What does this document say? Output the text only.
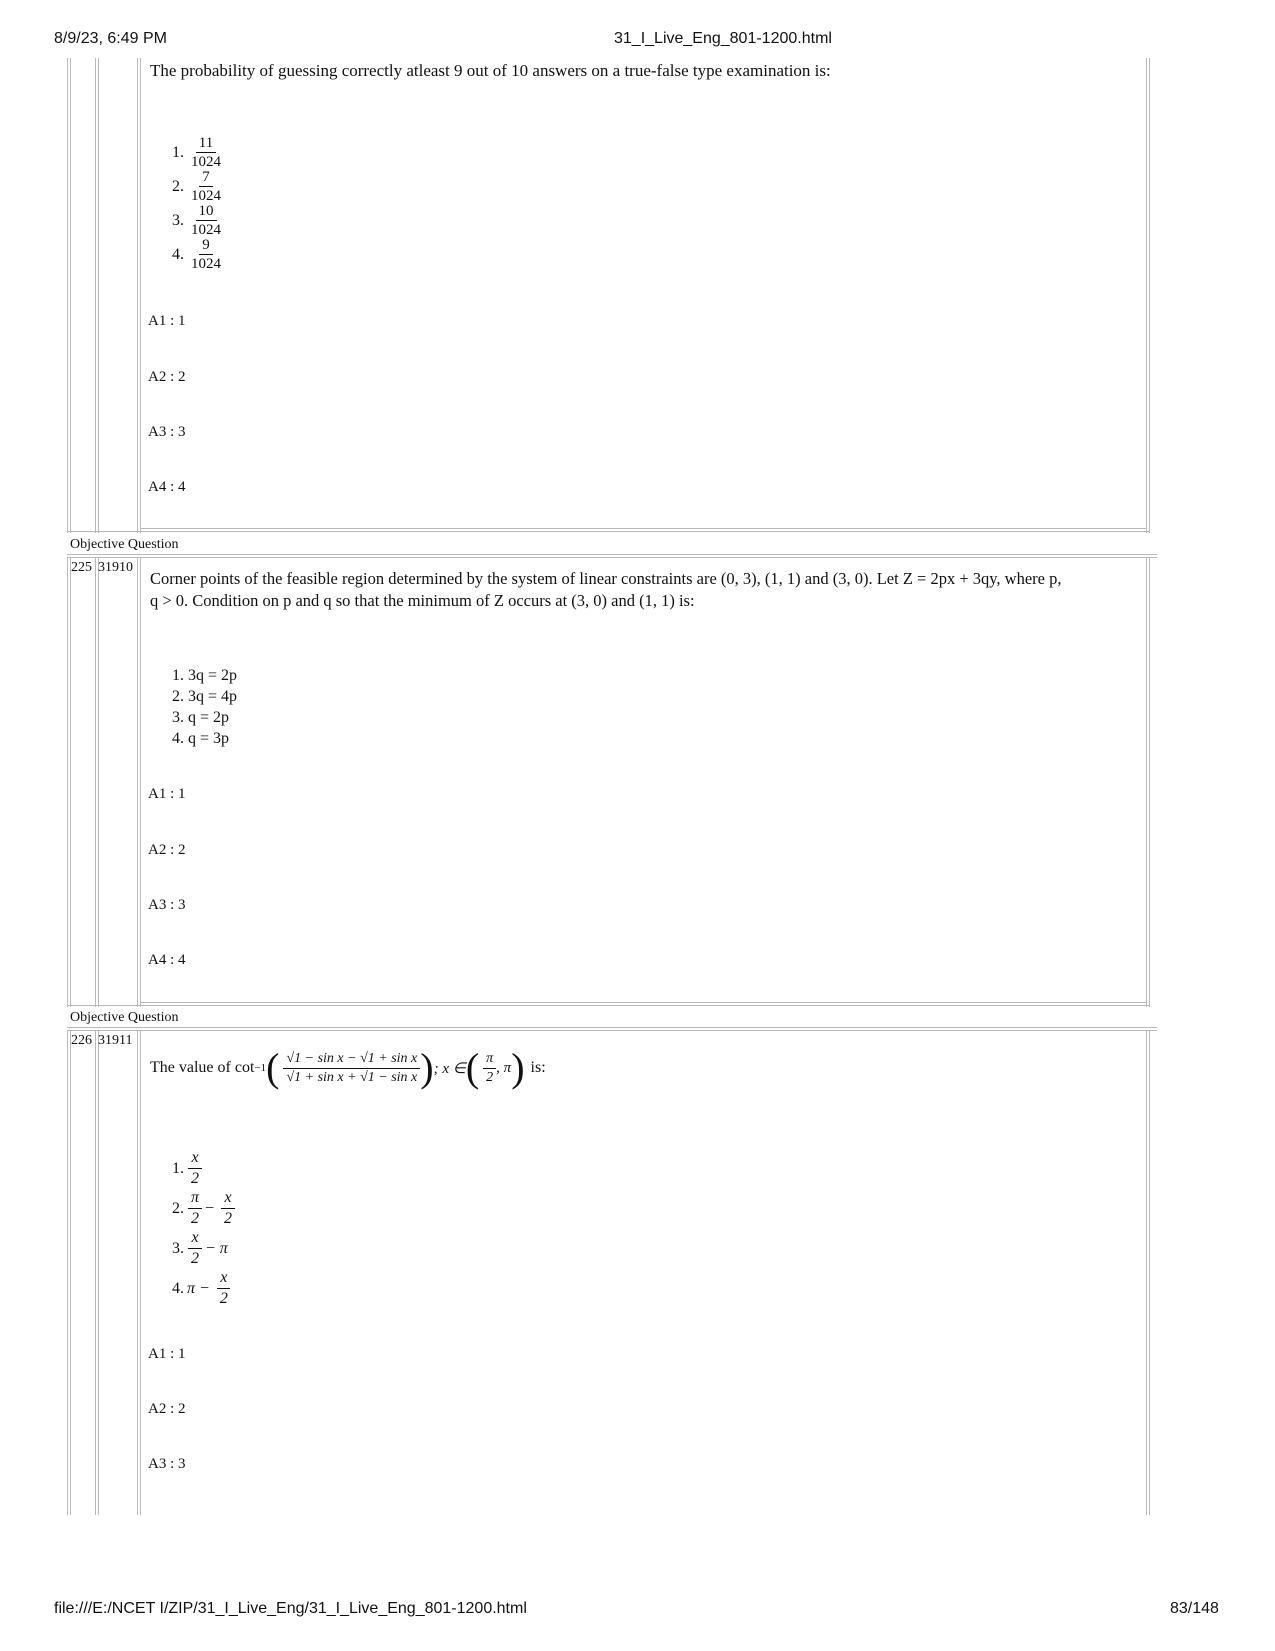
8/9/23, 6:49 PM	31_I_Live_Eng_801-1200.html
file:///E:/NCET I/ZIP/31_I_Live_Eng/31_I_Live_Eng_801-1200.html	83/148
The probability of guessing correctly atleast 9 out of 10 answers on a true-false type examination is:
1. $\frac{11}{1024}$
2. $\frac{7}{1024}$
3. $\frac{10}{1024}$
4. $\frac{9}{1024}$
A1 : 1
A2 : 2
A3 : 3
A4 : 4
Objective Question
225 31910
Corner points of the feasible region determined by the system of linear constraints are (0, 3), (1, 1) and (3, 0). Let Z = 2px + 3qy, where p,
q > 0. Condition on p and q so that the minimum of Z occurs at (3, 0) and (1, 1) is:
1. 3q = 2p
2. 3q = 4p
3. q = 2p
4. q = 3p
A1 : 1
A2 : 2
A3 : 3
A4 : 4
Objective Question
226 31911
The value of cot −1 ( $\frac{\text{√1 − sin x − √1 + sin x}}{\text{√1 + sin x + √1 − sin x}}$ ) ; x ∈ ( $\frac{\pi}{2}$ , π ) is:
1. $\frac{x}{2}$
2. $\frac{\pi}{2} - \frac{x}{2}$
3. $\frac{x}{2} - \pi$
4. $\pi - \frac{x}{2}$
A1 : 1
A2 : 2
A3 : 3
